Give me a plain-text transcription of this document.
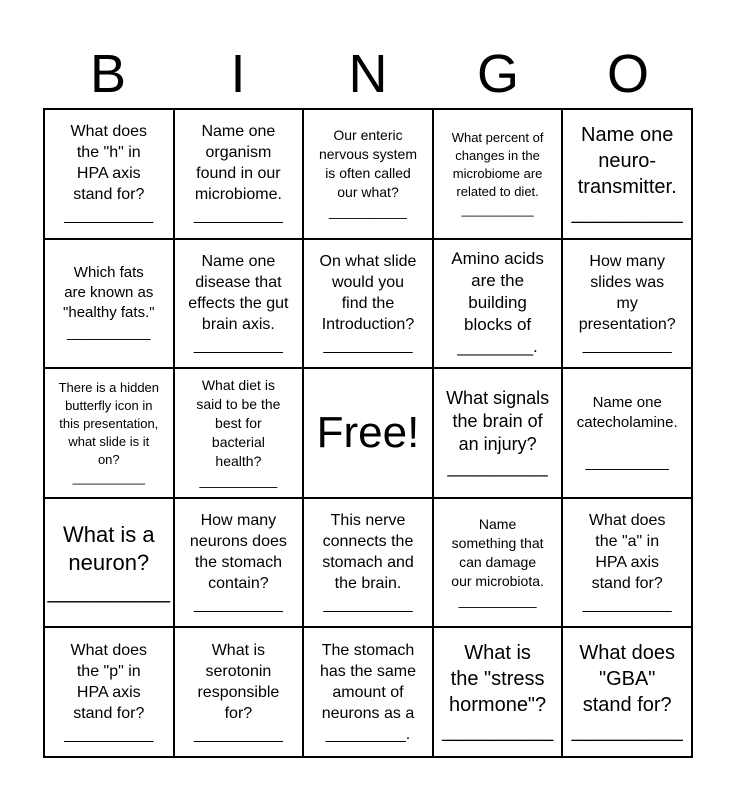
B	I	N	G	O
What does
the "h" in
HPA axis
stand for?
__________
Name one
organism
found in our
microbiome.
__________
Our enteric
nervous system
is often called
our what?
__________
What percent of
changes in the
microbiome are
related to diet.
__________
Name one
neuro-
transmitter.
__________
Which fats
are known as
"healthy fats."
__________
Name one
disease that
effects the gut
brain axis.
__________
On what slide
would you
find the
Introduction?
__________
Amino acids
are the
building
blocks of
________.
How many
slides was
my
presentation?
__________
There is a hidden
butterfly icon in
this presentation,
what slide is it
on?
__________
What diet is
said to be the
best for
bacterial
health?
__________
Free!
What signals
the brain of
an injury?
__________
Name one
catecholamine.

__________
What is a
neuron?
__________
How many
neurons does
the stomach
contain?
__________
This nerve
connects the
stomach and
the brain.
__________
Name
something that
can damage
our microbiota.
__________
What does
the "a" in
HPA axis
stand for?
__________
What does
the "p" in
HPA axis
stand for?
__________
What is
serotonin
responsible
for?
__________
The stomach
has the same
amount of
neurons as a
_________.
What is
the "stress
hormone"?
__________
What does
"GBA"
stand for?
__________
